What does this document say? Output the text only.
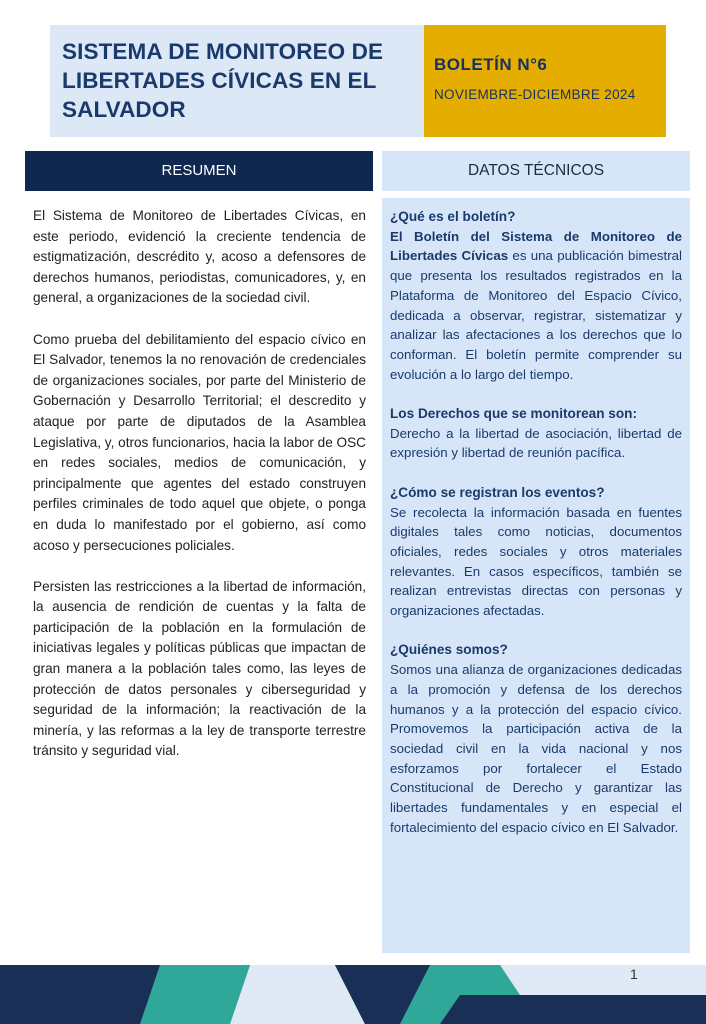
SISTEMA DE MONITOREO DE LIBERTADES CÍVICAS EN EL SALVADOR
BOLETÍN N°6
NOVIEMBRE-DICIEMBRE 2024
RESUMEN	DATOS TÉCNICOS

El Sistema de Monitoreo de Libertades Cívicas, en este periodo, evidenció la creciente tendencia de estigmatización, descrédito y, acoso a defensores de derechos humanos, periodistas, comunicadores, y, en general, a organizaciones de la sociedad civil.

Como prueba del debilitamiento del espacio cívico en El Salvador, tenemos la no renovación de credenciales de organizaciones sociales, por parte del Ministerio de Gobernación y Desarrollo Territorial; el descredito y ataque por parte de diputados de la Asamblea Legislativa, y, otros funcionarios, hacia la labor de OSC en redes sociales, medios de comunicación, y principalmente que agentes del estado construyen perfiles criminales de todo aquel que objete, o ponga en duda lo manifestado por el gobierno, así como acoso y persecuciones policiales.

Persisten las restricciones a la libertad de información, la ausencia de rendición de cuentas y la falta de participación de la población en la formulación de iniciativas legales y políticas públicas que impactan de gran manera a la población tales como, las leyes de protección de datos personales y ciberseguridad y seguridad de la información; la reactivación de la minería, y las reformas a la ley de transporte terrestre tránsito y seguridad vial.

¿Qué es el boletín?
El Boletín del Sistema de Monitoreo de Libertades Cívicas es una publicación bimestral que presenta los resultados registrados en la Plataforma de Monitoreo del Espacio Cívico, dedicada a observar, registrar, sistematizar y analizar las afectaciones a los derechos que lo conforman. El boletín permite comprender su evolución a lo largo del tiempo.
Los Derechos que se monitorean son:
Derecho a la libertad de asociación, libertad de expresión y libertad de reunión pacífica.
¿Cómo se registran los eventos?
Se recolecta la información basada en fuentes digitales tales como noticias, documentos oficiales, redes sociales y otros materiales relevantes. En casos específicos, también se realizan entrevistas directas con personas y organizaciones afectadas.
¿Quiénes somos?
Somos una alianza de organizaciones dedicadas a la promoción y defensa de los derechos humanos y a la protección del espacio cívico. Promovemos la participación activa de la sociedad civil en la vida nacional y nos esforzamos por fortalecer el Estado Constitucional de Derecho y garantizar las libertades fundamentales y en especial el fortalecimiento del espacio cívico en El Salvador.
1
